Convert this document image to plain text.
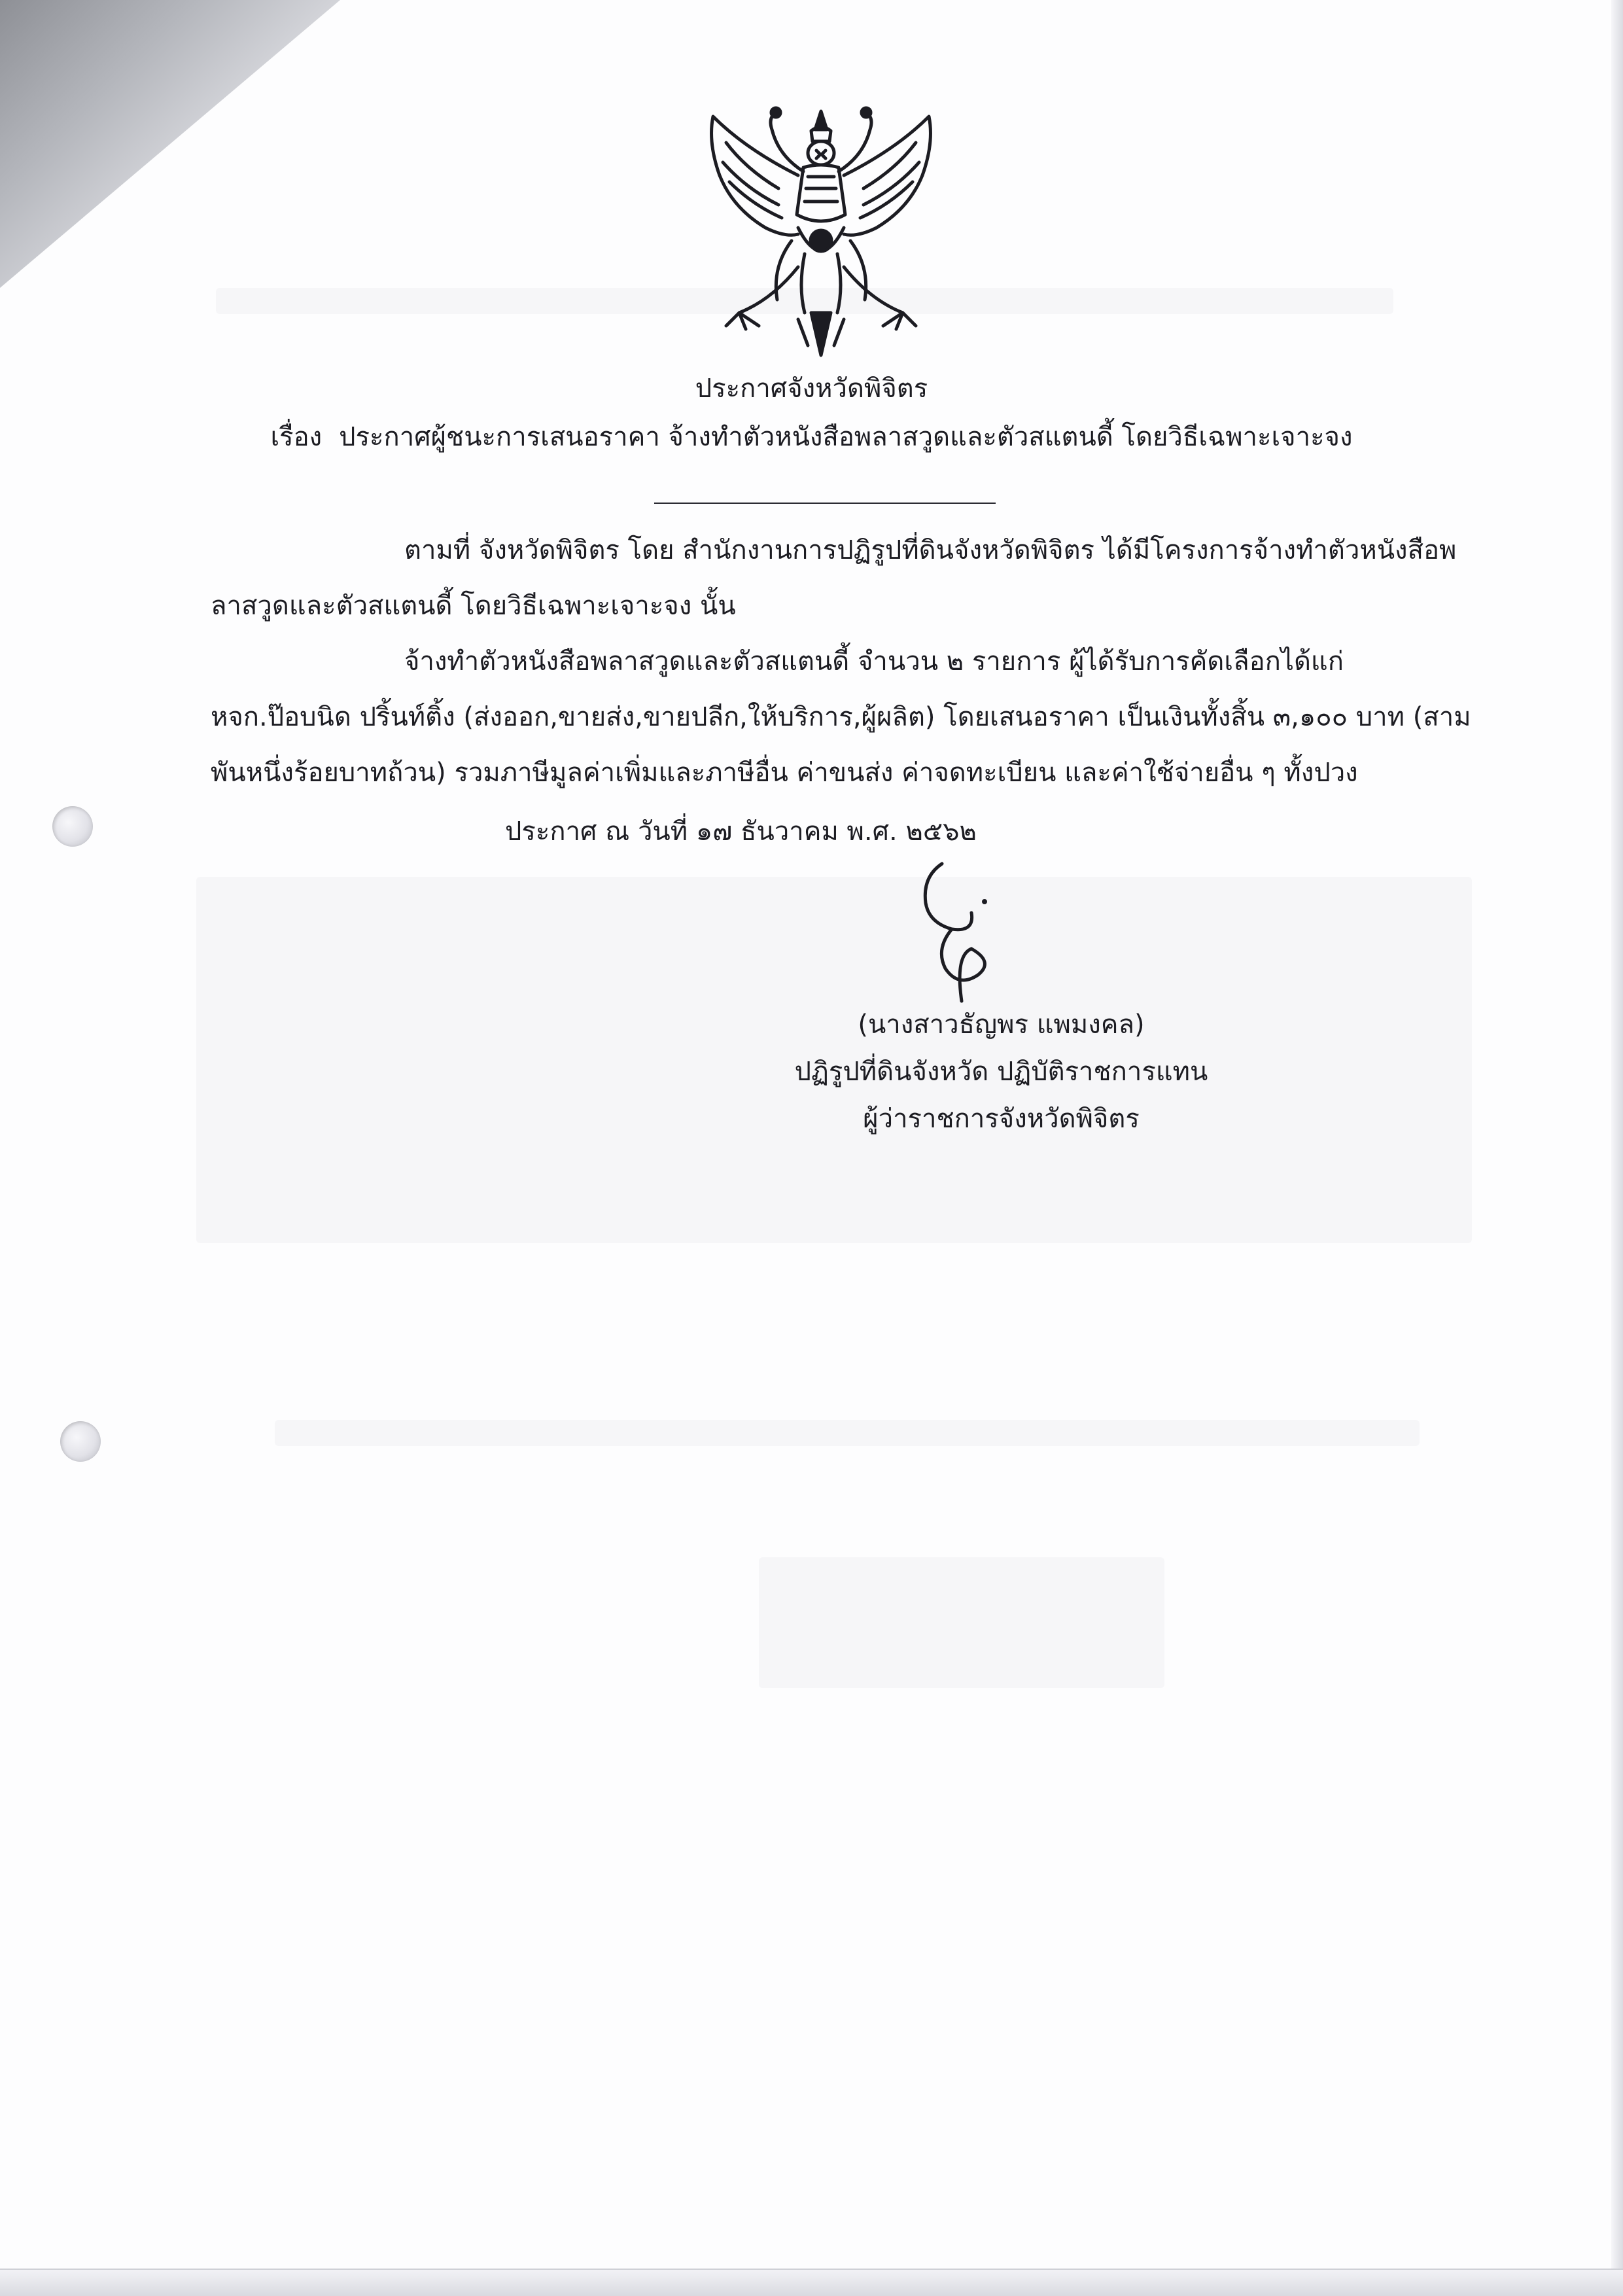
ประกาศจังหวัดพิจิตร
เรื่อง ประกาศผู้ชนะการเสนอราคา จ้างทำตัวหนังสือพลาสวูดและตัวสแตนดี้ โดยวิธีเฉพาะเจาะจง
ตามที่ จังหวัดพิจิตร โดย สำนักงานการปฏิรูปที่ดินจังหวัดพิจิตร ได้มีโครงการจ้างทำตัวหนังสือพ
ลาสวูดและตัวสแตนดี้ โดยวิธีเฉพาะเจาะจง นั้น
จ้างทำตัวหนังสือพลาสวูดและตัวสแตนดี้ จำนวน ๒ รายการ ผู้ได้รับการคัดเลือกได้แก่
หจก.ป๊อบนิด ปริ้นท์ติ้ง (ส่งออก,ขายส่ง,ขายปลีก,ให้บริการ,ผู้ผลิต) โดยเสนอราคา เป็นเงินทั้งสิ้น ๓,๑๐๐ บาท (สาม
พันหนึ่งร้อยบาทถ้วน) รวมภาษีมูลค่าเพิ่มและภาษีอื่น ค่าขนส่ง ค่าจดทะเบียน และค่าใช้จ่ายอื่น ๆ ทั้งปวง
ประกาศ ณ วันที่ ๑๗ ธันวาคม พ.ศ. ๒๕๖๒
(นางสาวธัญพร แพมงคล)
ปฏิรูปที่ดินจังหวัด ปฏิบัติราชการแทน
ผู้ว่าราชการจังหวัดพิจิตร
